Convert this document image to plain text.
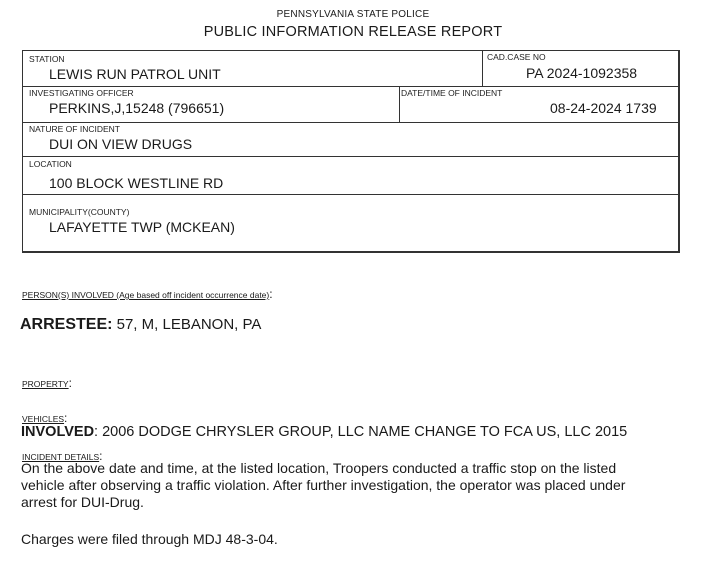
PENNSYLVANIA STATE POLICE
PUBLIC INFORMATION RELEASE REPORT
STATION
LEWIS RUN PATROL UNIT
CAD.CASE NO
PA 2024-1092358
INVESTIGATING OFFICER
PERKINS,J,15248 (796651)
DATE/TIME OF INCIDENT
08-24-2024 1739
NATURE OF INCIDENT
DUI ON VIEW DRUGS
LOCATION
100 BLOCK WESTLINE RD
MUNICIPALITY(COUNTY)
LAFAYETTE TWP (MCKEAN)
PERSON(S) INVOLVED (Age based off incident occurrence date):
ARRESTEE: 57, M, LEBANON, PA
PROPERTY:
VEHICLES:
INVOLVED: 2006 DODGE CHRYSLER GROUP, LLC NAME CHANGE TO FCA US, LLC 2015
INCIDENT DETAILS:
On the above date and time, at the listed location, Troopers conducted a traffic stop on the listed
vehicle after observing a traffic violation. After further investigation, the operator was placed under
arrest for DUI-Drug.
Charges were filed through MDJ 48-3-04.
